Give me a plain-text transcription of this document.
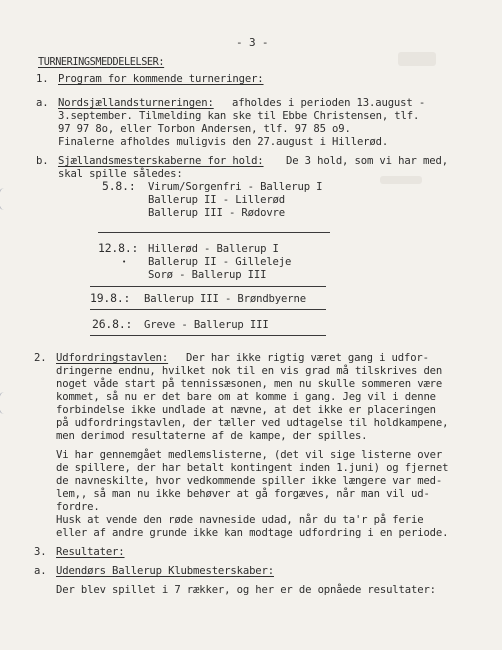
- 3 -
TURNERINGSMEDDELELSER:
1. Program for kommende turneringer:
a. Nordsjællandsturneringen: afholdes i perioden 13.august -
3.september. Tilmelding kan ske til Ebbe Christensen, tlf.
97 97 8o, eller Torbon Andersen, tlf. 97 85 o9.
Finalerne afholdes muligvis den 27.august i Hillerød.
b. Sjællandsmesterskaberne for hold: De 3 hold, som vi har med,
skal spille således:
5.8.: Virum/Sorgenfri - Ballerup I
Ballerup II - Lillerød
Ballerup III - Rødovre
12.8.: Hillerød - Ballerup I
• Ballerup II - Gilleleje
Sorø - Ballerup III
19.8.: Ballerup III - Brøndbyerne
26.8.: Greve - Ballerup III
2. Udfordringstavlen: Der har ikke rigtig været gang i udfor-
dringerne endnu, hvilket nok til en vis grad må tilskrives den
noget våde start på tennissæsonen, men nu skulle sommeren være
kommet, så nu er det bare om at komme i gang. Jeg vil i denne
forbindelse ikke undlade at nævne, at det ikke er placeringen
på udfordringstavlen, der tæller ved udtagelse til holdkampene,
men derimod resultaterne af de kampe, der spilles.
Vi har gennemgået medlemslisterne, (det vil sige listerne over
de spillere, der har betalt kontingent inden 1.juni) og fjernet
de navneskilte, hvor vedkommende spiller ikke længere var med-
lem,, så man nu ikke behøver at gå forgæves, når man vil ud-
fordre.
Husk at vende den røde navneside udad, når du ta'r på ferie
eller af andre grunde ikke kan modtage udfordring i en periode.
3. Resultater:
a. Udendørs Ballerup Klubmesterskaber:
Der blev spillet i 7 rækker, og her er de opnåede resultater:
